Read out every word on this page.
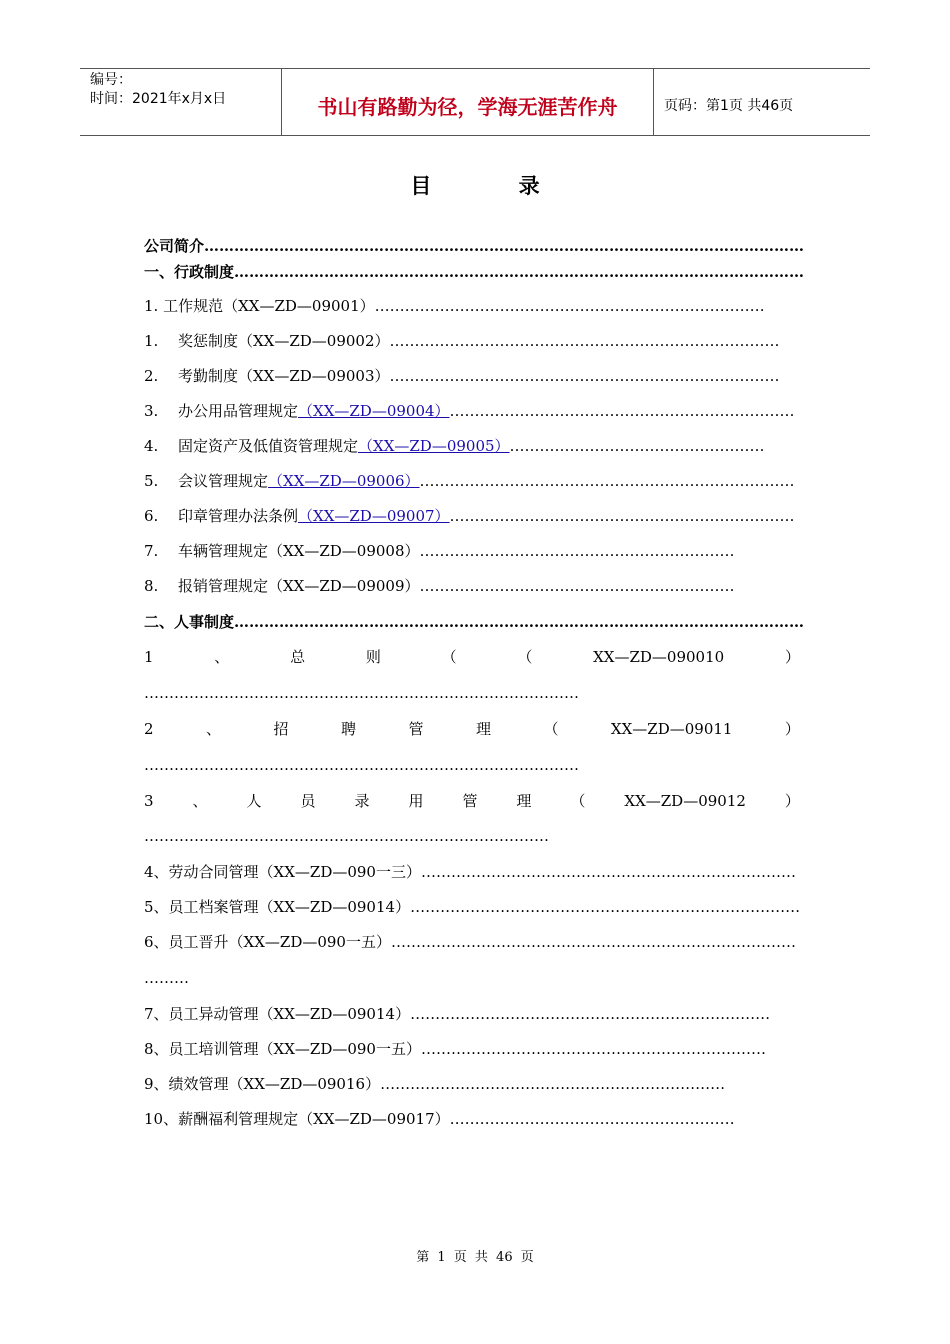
编号：
时间：2021年x月x日	书山有路勤为径，学海无涯苦作舟	页码：第1页 共46页
目 录
公司简介…………………………………………………………………………………………………………
一、行政制度……………………………………………………………………………………………………
1. 工作规范（XX—ZD—09001）……………………………………………………………………
1. 奖惩制度（XX—ZD—09002）……………………………………………………………………
2. 考勤制度（XX—ZD—09003）……………………………………………………………………
3. 办公用品管理规定（XX—ZD—09004）……………………………………………………………
4. 固定资产及低值资管理规定（XX—ZD—09005）……………………………………………
5. 会议管理规定（XX—ZD—09006）…………………………………………………………………
6. 印章管理办法条例（XX—ZD—09007）……………………………………………………………
7. 车辆管理规定（XX—ZD—09008）………………………………………………………
8. 报销管理规定（XX—ZD—09009）………………………………………………………
二、人事制度……………………………………………………………………………………………………
1	、	总	则	（	（	XX—ZD—090010	）
……………………………………………………………………………
2	、	招	聘	管	理	（	XX—ZD—09011	）
……………………………………………………………………………
3	、	人	员	录	用	管	理	（	XX—ZD—09012	）
………………………………………………………………………
4、劳动合同管理（XX—ZD—090一三）…………………………………………………………………
5、员工档案管理（XX—ZD—09014）……………………………………………………………………
6、员工晋升（XX—ZD—090一五）………………………………………………………………………
………
7、员工异动管理（XX—ZD—09014）………………………………………………………………
8、员工培训管理（XX—ZD—090一五）……………………………………………………………
9、绩效管理（XX—ZD—09016）……………………………………………………………
10、薪酬福利管理规定（XX—ZD—09017）…………………………………………………
第 1 页 共 46 页
